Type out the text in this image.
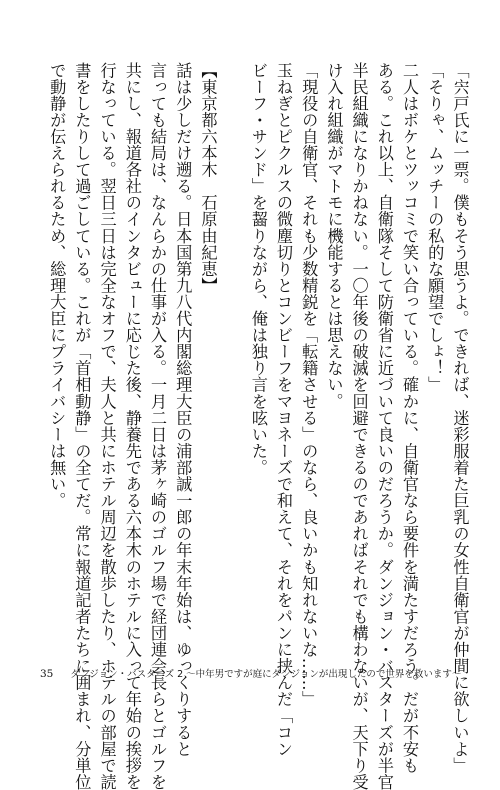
「宍戸氏に一票。僕もそう思うよ。できれば、迷彩服着た巨乳の女性自衛官が仲間に欲しいよ」

「そりゃ、ムッチーの私的な願望でしょ！」

二人はボケとツッコミで笑い合っている。確かに、自衛官なら要件を満たすだろう。だが不安も

ある。これ以上、自衛隊そして防衛省に近づいて良いのだろうか。ダンジョン・バスターズが半官

半民組織になりかねない。一〇年後の破滅を回避できるのであればそれでも構わないが、天下り受

け入れ組織がマトモに機能するとは思えない。

「現役の自衛官、それも少数精鋭を「転籍させる」のなら、良いかも知れないな……」

玉ねぎとピクルスの微塵切りとコンビーフをマヨネーズで和えて、それをパンに挟んだ「コン

ビーフ・サンド」を齧りながら、俺は独り言を呟いた。

【東京都六本木　石原由紀恵】

話は少しだけ遡る。日本国第九八代内閣総理大臣の浦部誠一郎の年末年始は、ゆっくりすると

言っても結局は、なんらかの仕事が入る。一月二日は茅ヶ崎のゴルフ場で経団連会長らとゴルフを

共にし、報道各社のインタビューに応じた後、静養先である六本木のホテルに入って年始の挨拶を

行なっている。翌日三日は完全なオフで、夫人と共にホテル周辺を散歩したり、ホテルの部屋で読

書をしたりして過ごしている。これが「首相動静」の全てだ。常に報道記者たちに囲まれ、分単位

で動静が伝えられるため、総理大臣にプライバシーは無い。

35 ダンジョン・バスターズ 2 〜中年男ですが庭にダンジョンが出現したので世界を救います〜
